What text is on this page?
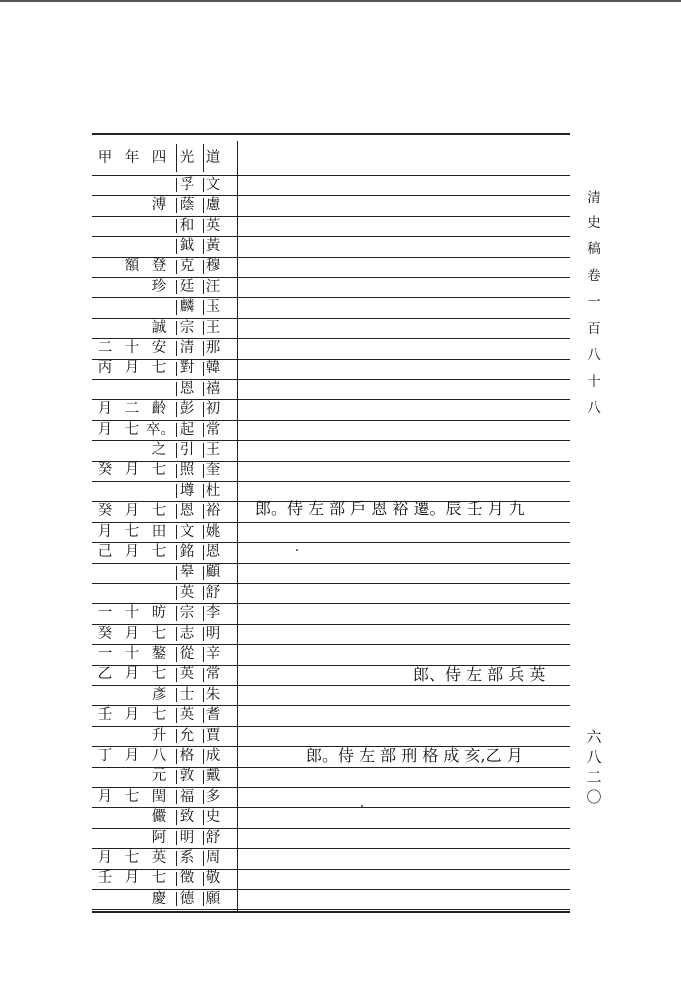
清
史
稿
卷
一
百
八
十
八
六
八
二
〇
甲 年 四 光 道
孚 文
溥 蔭 慮
和 英
鉞 黃
額 登 克 穆
珍 廷 汪
麟 玉
誠 宗 王
二 十 安 清 那
丙 月 七 對 韓
恩 禧
月 二 齡 彭 初
月 七 卒。 起 常
之 引 王
癸 月 七 照 奎
壿 杜
癸 月 七 恩 裕
月 七 田 文 姚
己 月 七 銘 恩
皋 顧
英 舒
一 十 昉 宗 李
癸 月 七 志 明
一 十 鏊 從 辛
乙 月 七 英 常
彥 士 朱
壬 月 七 英 耆
升 允 賈
丁 月 八 格 成
元 敦 戴
月 七 閏 福 多
儼 致 史
阿 明 舒
月 七 英 系 周
壬 月 七 徵 敬
慶 德 願
郎。侍 左 部 戶 恩 裕 遷。辰 壬 月 九
郎、侍 左 部 兵 英
郎。侍 左 部 刑 格 成 亥,乙 月
